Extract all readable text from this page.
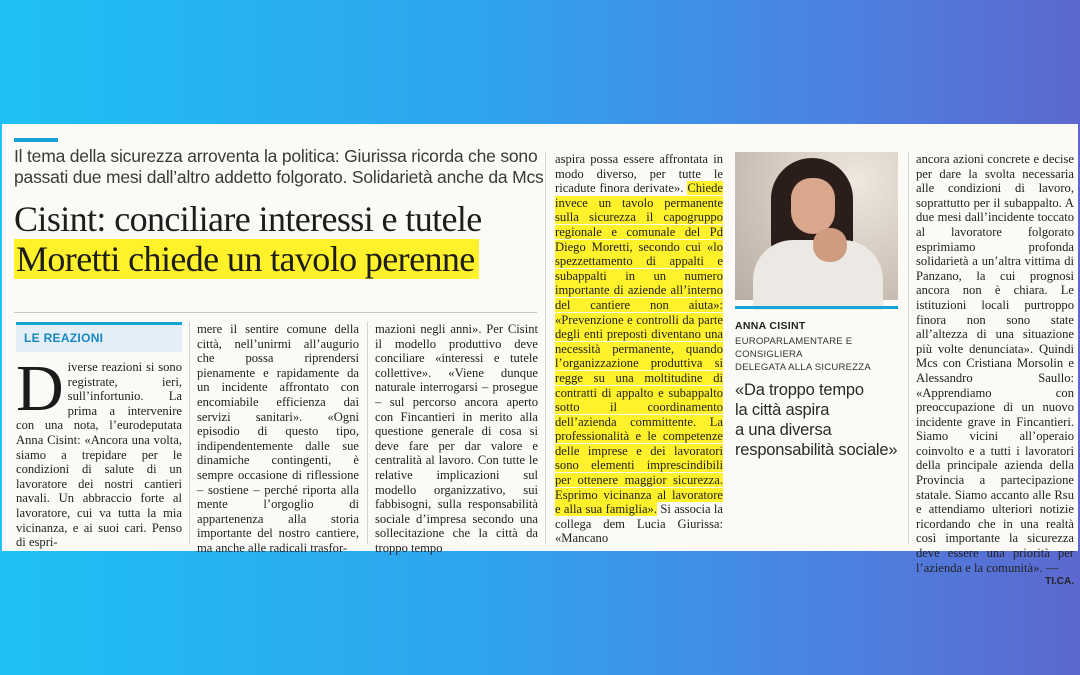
Il tema della sicurezza arroventa la politica: Giurissa ricorda che sono
passati due mesi dall’altro addetto folgorato. Solidarietà anche da Mcs
Cisint: conciliare interessi e tutele
Moretti chiede un tavolo perenne
LE REAZIONI
D iverse reazioni si sono registrate, ieri, sull’infortunio. La prima a intervenire con una nota, l’eurodeputata Anna Cisint: «Ancora una volta, siamo a trepidare per le condizioni di salute di un lavoratore dei nostri cantieri navali. Un abbraccio forte al lavoratore, cui va tutta la mia vicinanza, e ai suoi cari. Penso di espri-
mere il sentire comune della città, nell’unirmi all’augurio che possa riprendersi pienamente e rapidamente da un incidente affrontato con encomiabile efficienza dai servizi sanitari». «Ogni episodio di questo tipo, indipendentemente dalle sue dinamiche contingenti, è sempre occasione di riflessione – sostiene – perché riporta alla mente l’orgoglio di appartenenza alla storia importante del nostro cantiere, ma anche alle radicali trasfor-
mazioni negli anni». Per Cisint il modello produttivo deve conciliare «interessi e tutele collettive». «Viene dunque naturale interrogarsi – prosegue – sul percorso ancora aperto con Fincantieri in merito alla questione generale di cosa si deve fare per dar valore e centralità al lavoro. Con tutte le relative implicazioni sul modello organizzativo, sui fabbisogni, sulla responsabilità sociale d’impresa secondo una sollecitazione che la città da troppo tempo
aspira possa essere affrontata in modo diverso, per tutte le ricadute finora derivate». Chiede invece un tavolo permanente sulla sicurezza il capogruppo regionale e comunale del Pd Diego Moretti, secondo cui «lo spezzettamento di appalti e subappalti in un numero importante di aziende all’interno del cantiere non aiuta»: «Prevenzione e controlli da parte degli enti preposti diventano una necessità permanente, quando l’organizzazione produttiva si regge su una moltitudine di contratti di appalto e subappalto sotto il coordinamento dell’azienda committente. La professionalità e le competenze delle imprese e dei lavoratori sono elementi imprescindibili per ottenere maggior sicurezza. Esprimo vicinanza al lavoratore e alla sua famiglia». Si associa la collega dem Lucia Giurissa: «Mancano
ANNA CISINT
EUROPARLAMENTARE E CONSIGLIERA
DELEGATA ALLA SICUREZZA
«Da troppo tempo
la città aspira
a una diversa
responsabilità sociale»
ancora azioni concrete e decise per dare la svolta necessaria alle condizioni di lavoro, soprattutto per il subappalto. A due mesi dall’incidente toccato al lavoratore folgorato esprimiamo profonda solidarietà a un’altra vittima di Panzano, la cui prognosi ancora non è chiara. Le istituzioni locali purtroppo finora non sono state all’altezza di una situazione più volte denunciata». Quindi Mcs con Cristiana Morsolin e Alessandro Saullo: «Apprendiamo con preoccupazione di un nuovo incidente grave in Fincantieri. Siamo vicini all’operaio coinvolto e a tutti i lavoratori della principale azienda della Provincia a partecipazione statale. Siamo accanto alle Rsu e attendiamo ulteriori notizie ricordando che in una realtà così importante la sicurezza deve essere una priorità per l’azienda e la comunità». —
TI.CA.
